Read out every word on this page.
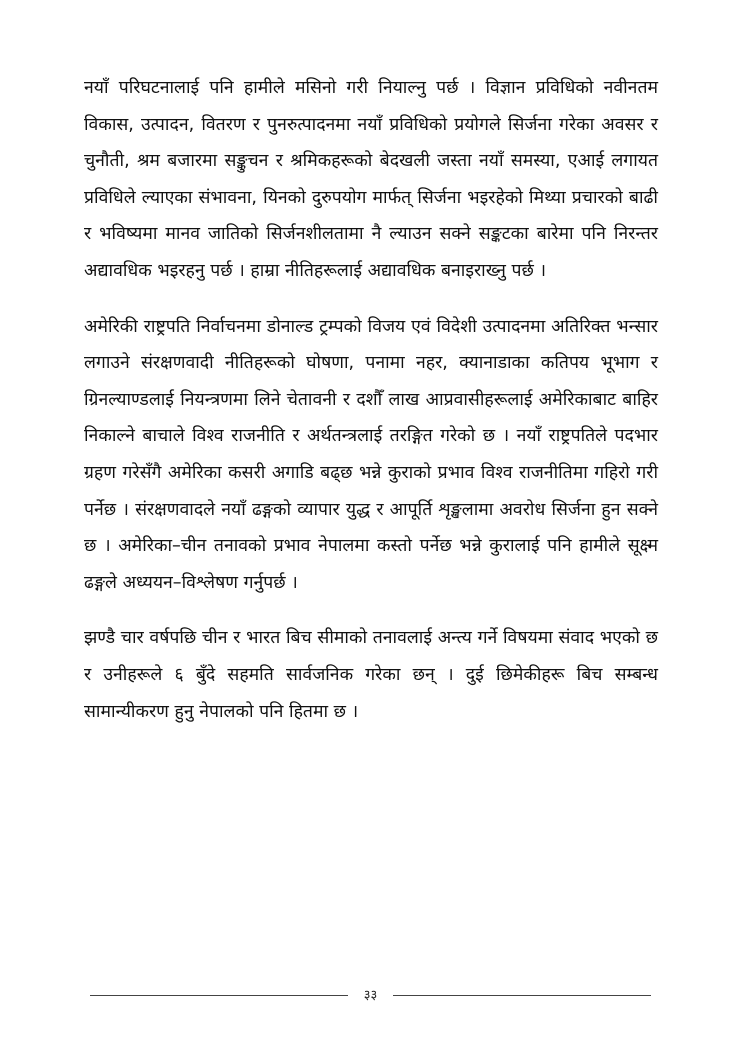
नयाँ परिघटनालाई पनि हामीले मसिनो गरी नियाल्नु पर्छ । विज्ञान प्रविधिको नवीनतम विकास, उत्पादन, वितरण र पुनरुत्पादनमा नयाँ प्रविधिको प्रयोगले सिर्जना गरेका अवसर र चुनौती, श्रम बजारमा सङ्कुचन र श्रमिकहरूको बेदखली जस्ता नयाँ समस्या, एआई लगायत प्रविधिले ल्याएका संभावना, यिनको दुरुपयोग मार्फत् सिर्जना भइरहेको मिथ्या प्रचारको बाढी र भविष्यमा मानव जातिको सिर्जनशीलतामा नै ल्याउन सक्ने सङ्कटका बारेमा पनि निरन्तर अद्यावधिक भइरहनु पर्छ । हाम्रा नीतिहरूलाई अद्यावधिक बनाइराख्नु पर्छ ।

अमेरिकी राष्ट्रपति निर्वाचनमा डोनाल्ड ट्रम्पको विजय एवं विदेशी उत्पादनमा अतिरिक्त भन्सार लगाउने संरक्षणवादी नीतिहरूको घोषणा, पनामा नहर, क्यानाडाका कतिपय भूभाग र ग्रिनल्याण्डलाई नियन्त्रणमा लिने चेतावनी र दशौँ लाख आप्रवासीहरूलाई अमेरिकाबाट बाहिर निकाल्ने बाचाले विश्व राजनीति र अर्थतन्त्रलाई तरङ्गित गरेको छ । नयाँ राष्ट्रपतिले पदभार ग्रहण गरेसँगै अमेरिका कसरी अगाडि बढ्छ भन्ने कुराको प्रभाव विश्व राजनीतिमा गहिरो गरी पर्नेछ । संरक्षणवादले नयाँ ढङ्गको व्यापार युद्ध र आपूर्ति शृङ्खलामा अवरोध सिर्जना हुन सक्ने छ । अमेरिका–चीन तनावको प्रभाव नेपालमा कस्तो पर्नेछ भन्ने कुरालाई पनि हामीले सूक्ष्म ढङ्गले अध्ययन–विश्लेषण गर्नुपर्छ ।

झण्डै चार वर्षपछि चीन र भारत बिच सीमाको तनावलाई अन्त्य गर्ने विषयमा संवाद भएको छ र उनीहरूले ६ बुँदे सहमति सार्वजनिक गरेका छन् । दुई छिमेकीहरू बिच सम्बन्ध सामान्यीकरण हुनु नेपालको पनि हितमा छ ।

३३
